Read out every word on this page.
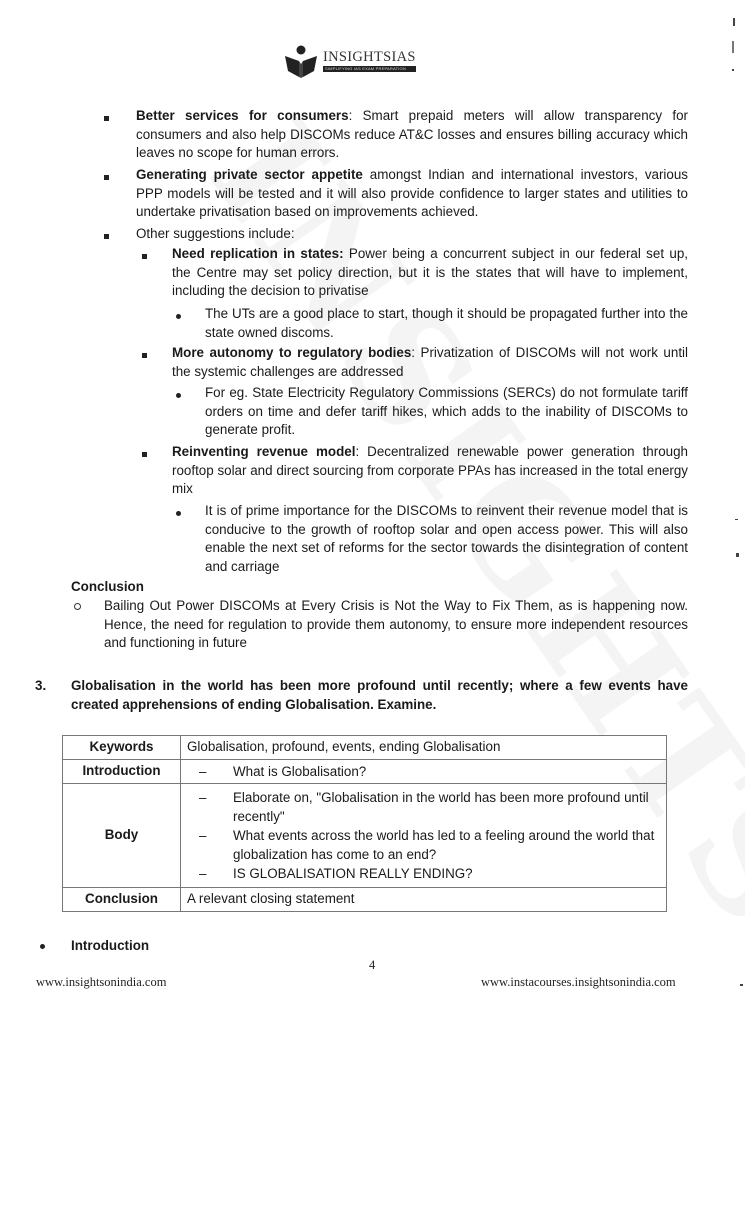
INSIGHTSIAS
SIMPLIFYING IAS EXAM PREPARATION
Better services for consumers: Smart prepaid meters will allow transparency for consumers and also help DISCOMs reduce AT&C losses and ensures billing accuracy which leaves no scope for human errors.
Generating private sector appetite amongst Indian and international investors, various PPP models will be tested and it will also provide confidence to larger states and utilities to undertake privatisation based on improvements achieved.
Other suggestions include:
Need replication in states: Power being a concurrent subject in our federal set up, the Centre may set policy direction, but it is the states that will have to implement, including the decision to privatise
The UTs are a good place to start, though it should be propagated further into the state owned discoms.
More autonomy to regulatory bodies: Privatization of DISCOMs will not work until the systemic challenges are addressed
For eg. State Electricity Regulatory Commissions (SERCs) do not formulate tariff orders on time and defer tariff hikes, which adds to the inability of DISCOMs to generate profit.
Reinventing revenue model: Decentralized renewable power generation through rooftop solar and direct sourcing from corporate PPAs has increased in the total energy mix
It is of prime importance for the DISCOMs to reinvent their revenue model that is conducive to the growth of rooftop solar and open access power. This will also enable the next set of reforms for the sector towards the disintegration of content and carriage
Conclusion
Bailing Out Power DISCOMs at Every Crisis is Not the Way to Fix Them, as is happening now. Hence, the need for regulation to provide them autonomy, to ensure more independent resources and functioning in future
3. Globalisation in the world has been more profound until recently; where a few events have created apprehensions of ending Globalisation. Examine.
Keywords	Globalisation, profound, events, ending Globalisation
Introduction	– What is Globalisation?

Body	
– Elaborate on, "Globalisation in the world has been more profound until recently"
– What events across the world has led to a feeling around the world that globalization has come to an end?
– IS GLOBALISATION REALLY ENDING?

Conclusion	A relevant closing statement
Introduction
4
www.insightsonindia.com	www.instacourses.insightsonindia.com
